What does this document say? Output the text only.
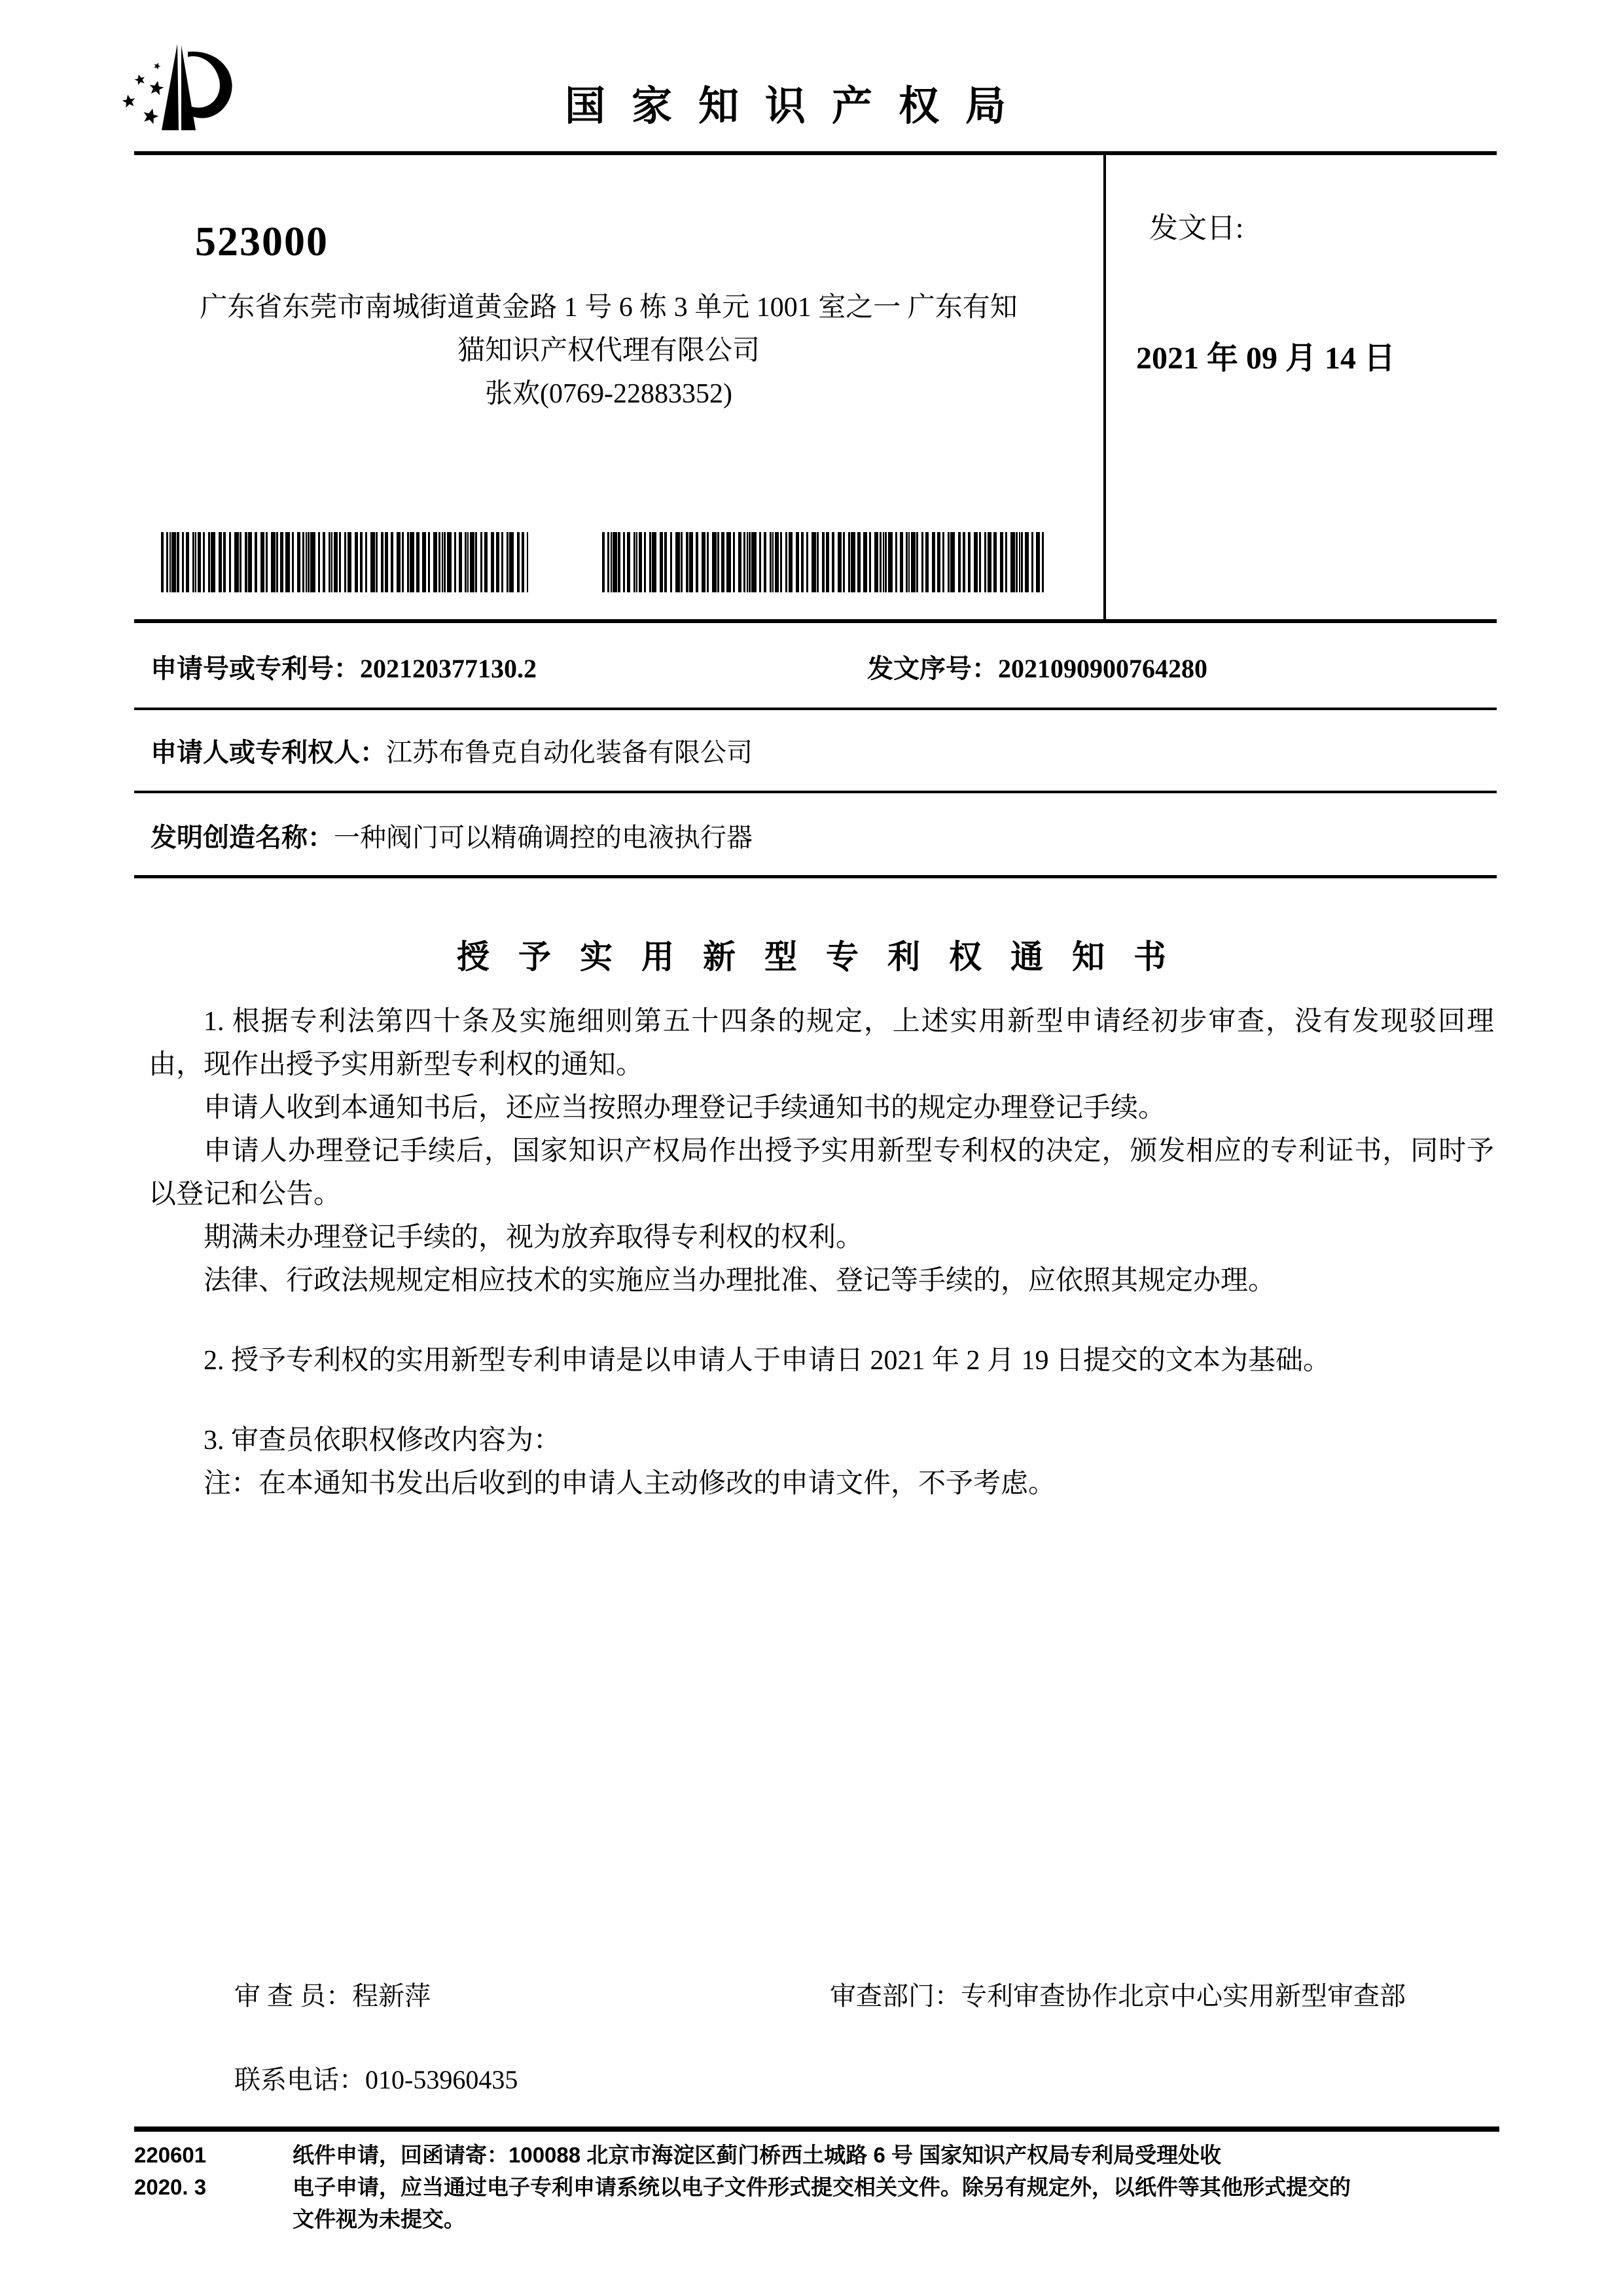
国家知识产权局
523000
广东省东莞市南城街道黄金路 1 号 6 栋 3 单元 1001 室之一 广东有知
猫知识产权代理有限公司
张欢(0769-22883352)
发文日:
2021 年 09 月 14 日
申请号或专利号：202120377130.2	发文序号：2021090900764280
申请人或专利权人：江苏布鲁克自动化装备有限公司
发明创造名称：一种阀门可以精确调控的电液执行器
授予实用新型专利权通知书

1. 根据专利法第四十条及实施细则第五十四条的规定，上述实用新型申请经初步审查，没有发现驳回理由，现作出授予实用新型专利权的通知。

申请人收到本通知书后，还应当按照办理登记手续通知书的规定办理登记手续。

申请人办理登记手续后，国家知识产权局作出授予实用新型专利权的决定，颁发相应的专利证书，同时予以登记和公告。

期满未办理登记手续的，视为放弃取得专利权的权利。

法律、行政法规规定相应技术的实施应当办理批准、登记等手续的，应依照其规定办理。

2. 授予专利权的实用新型专利申请是以申请人于申请日 2021 年 2 月 19 日提交的文本为基础。

3. 审查员依职权修改内容为：

注：在本通知书发出后收到的申请人主动修改的申请文件，不予考虑。

审 查 员：程新萍	审查部门：专利审查协作北京中心实用新型审查部
联系电话：010-53960435
220601	纸件申请，回函请寄：100088 北京市海淀区蓟门桥西土城路 6 号 国家知识产权局专利局受理处收
2020. 3	电子申请，应当通过电子专利申请系统以电子文件形式提交相关文件。除另有规定外，以纸件等其他形式提交的
文件视为未提交。
